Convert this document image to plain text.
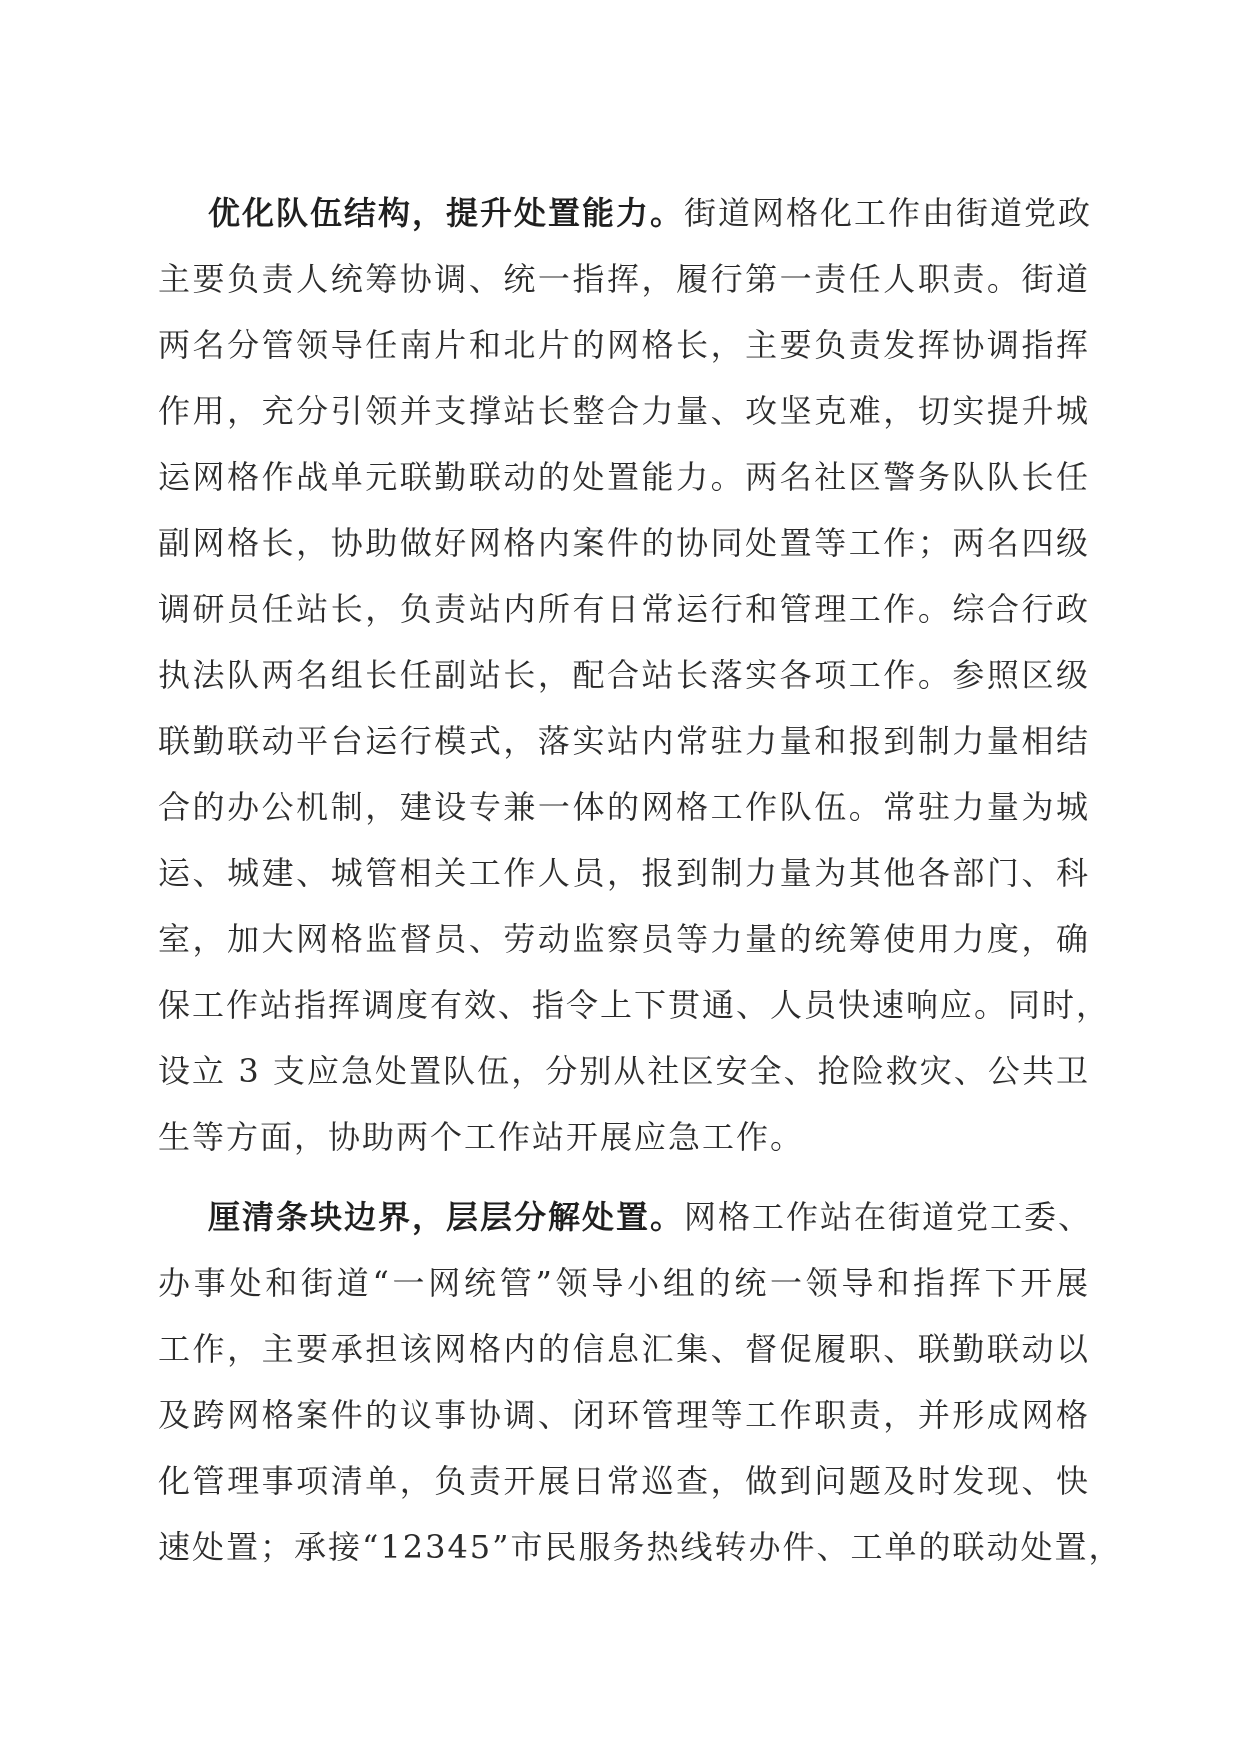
优化队伍结构，提升处置能力。街道网格化工作由街道党政
主要负责人统筹协调、统一指挥，履行第一责任人职责。街道
两名分管领导任南片和北片的网格长，主要负责发挥协调指挥
作用，充分引领并支撑站长整合力量、攻坚克难，切实提升城
运网格作战单元联勤联动的处置能力。两名社区警务队队长任
副网格长，协助做好网格内案件的协同处置等工作；两名四级
调研员任站长，负责站内所有日常运行和管理工作。综合行政
执法队两名组长任副站长，配合站长落实各项工作。参照区级
联勤联动平台运行模式，落实站内常驻力量和报到制力量相结
合的办公机制，建设专兼一体的网格工作队伍。常驻力量为城
运、城建、城管相关工作人员，报到制力量为其他各部门、科
室，加大网格监督员、劳动监察员等力量的统筹使用力度，确
保工作站指挥调度有效、指令上下贯通、人员快速响应。同时，
设立 3 支应急处置队伍，分别从社区安全、抢险救灾、公共卫
生等方面，协助两个工作站开展应急工作。
厘清条块边界，层层分解处置。网格工作站在街道党工委、
办事处和街道“一网统管”领导小组的统一领导和指挥下开展
工作，主要承担该网格内的信息汇集、督促履职、联勤联动以
及跨网格案件的议事协调、闭环管理等工作职责，并形成网格
化管理事项清单，负责开展日常巡查，做到问题及时发现、快
速处置；承接“12345”市民服务热线转办件、工单的联动处置，
